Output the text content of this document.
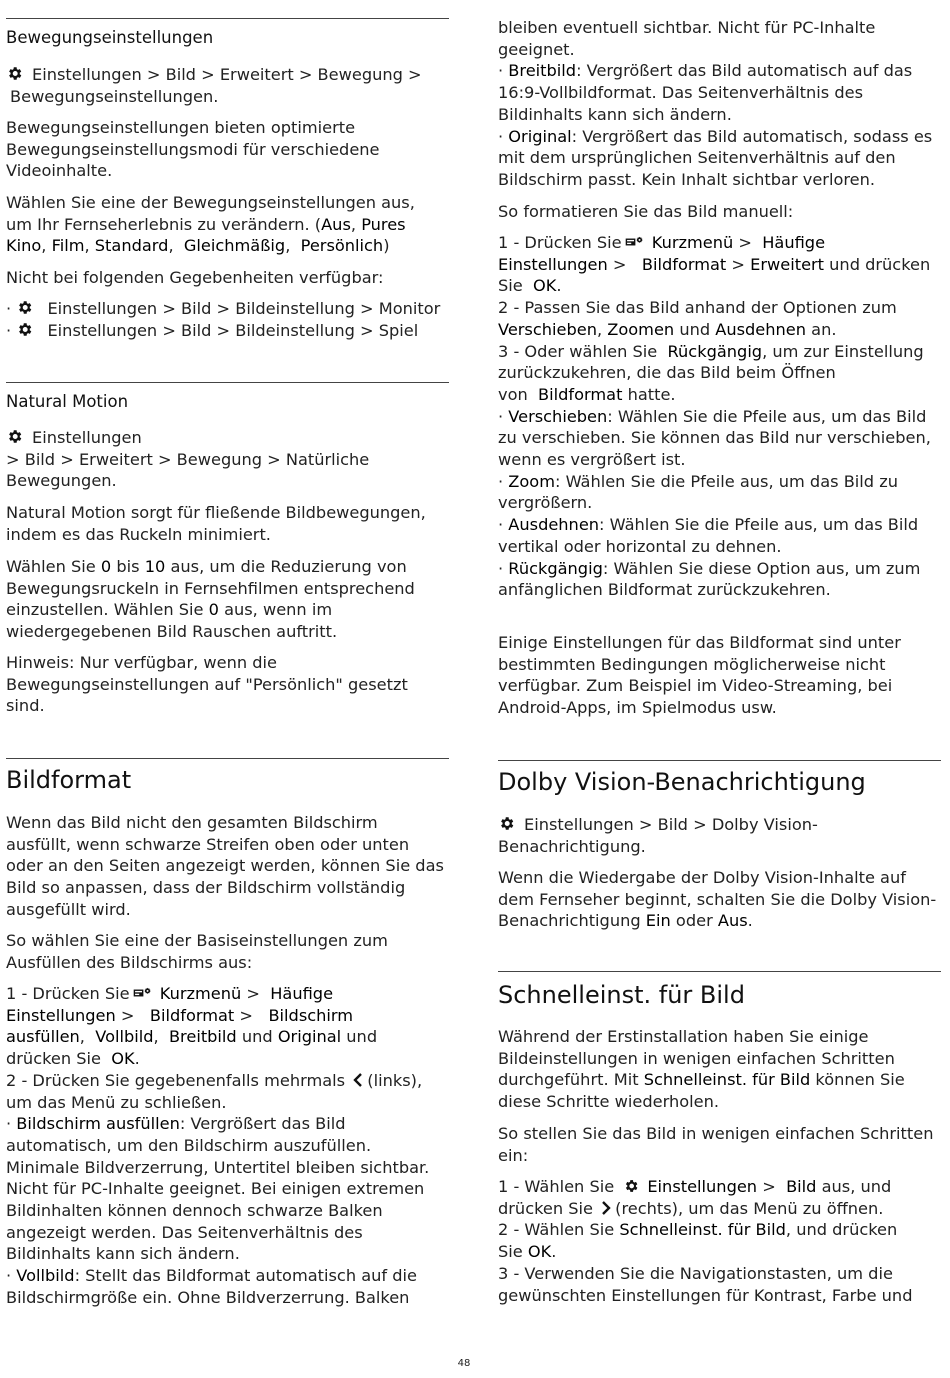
Bewegungseinstellungen
Einstellungen > Bild > Erweitert > Bewegung >
Bewegungseinstellungen.
Bewegungseinstellungen bieten optimierte
Bewegungseinstellungsmodi für verschiedene
Videoinhalte.
Wählen Sie eine der Bewegungseinstellungen aus,
um Ihr Fernseherlebnis zu verändern. (Aus, Pures
Kino, Film, Standard,  Gleichmäßig,  Persönlich)
Nicht bei folgenden Gegebenheiten verfügbar:
·  Einstellungen > Bild > Bildeinstellung > Monitor
·  Einstellungen > Bild > Bildeinstellung > Spiel
Natural Motion
Einstellungen
> Bild > Erweitert > Bewegung > Natürliche
Bewegungen.
Natural Motion sorgt für fließende Bildbewegungen,
indem es das Ruckeln minimiert.
Wählen Sie 0 bis 10 aus, um die Reduzierung von
Bewegungsruckeln in Fernsehfilmen entsprechend
einzustellen. Wählen Sie 0 aus, wenn im
wiedergegebenen Bild Rauschen auftritt.
Hinweis: Nur verfügbar, wenn die
Bewegungseinstellungen auf "Persönlich" gesetzt
sind.
Bildformat
Wenn das Bild nicht den gesamten Bildschirm
ausfüllt, wenn schwarze Streifen oben oder unten
oder an den Seiten angezeigt werden, können Sie das
Bild so anpassen, dass der Bildschirm vollständig
ausgefüllt wird.
So wählen Sie eine der Basiseinstellungen zum
Ausfüllen des Bildschirms aus:
1 - Drücken Sie Kurzmenü >  Häufige
Einstellungen >   Bildformat >   Bildschirm
ausfüllen, Vollbild,  Breitbild und Original und
drücken Sie OK.
2 - Drücken Sie gegebenenfalls mehrmals (links),
um das Menü zu schließen.
· Bildschirm ausfüllen: Vergrößert das Bild
automatisch, um den Bildschirm auszufüllen.
Minimale Bildverzerrung, Untertitel bleiben sichtbar.
Nicht für PC-Inhalte geeignet. Bei einigen extremen
Bildinhalten können dennoch schwarze Balken
angezeigt werden. Das Seitenverhältnis des
Bildinhalts kann sich ändern.
· Vollbild: Stellt das Bildformat automatisch auf die
Bildschirmgröße ein. Ohne Bildverzerrung. Balken
bleiben eventuell sichtbar. Nicht für PC-Inhalte
geeignet.
· Breitbild: Vergrößert das Bild automatisch auf das
16:9-Vollbildformat. Das Seitenverhältnis des
Bildinhalts kann sich ändern.
· Original: Vergrößert das Bild automatisch, sodass es
mit dem ursprünglichen Seitenverhältnis auf den
Bildschirm passt. Kein Inhalt sichtbar verloren.
So formatieren Sie das Bild manuell:
1 - Drücken Sie Kurzmenü >  Häufige
Einstellungen >   Bildformat > Erweitert und drücken
Sie  OK.
2 - Passen Sie das Bild anhand der Optionen zum
Verschieben, Zoomen und Ausdehnen an.
3 - Oder wählen Sie  Rückgängig, um zur Einstellung
zurückzukehren, die das Bild beim Öffnen
von  Bildformat hatte.
· Verschieben: Wählen Sie die Pfeile aus, um das Bild
zu verschieben. Sie können das Bild nur verschieben,
wenn es vergrößert ist.
· Zoom: Wählen Sie die Pfeile aus, um das Bild zu
vergrößern.
· Ausdehnen: Wählen Sie die Pfeile aus, um das Bild
vertikal oder horizontal zu dehnen.
· Rückgängig: Wählen Sie diese Option aus, um zum
anfänglichen Bildformat zurückzukehren.
Einige Einstellungen für das Bildformat sind unter
bestimmten Bedingungen möglicherweise nicht
verfügbar. Zum Beispiel im Video-Streaming, bei
Android-Apps, im Spielmodus usw.
Dolby Vision-Benachrichtigung
Einstellungen > Bild > Dolby Vision-
Benachrichtigung.
Wenn die Wiedergabe der Dolby Vision-Inhalte auf
dem Fernseher beginnt, schalten Sie die Dolby Vision-
Benachrichtigung Ein oder Aus.
Schnelleinst. für Bild
Während der Erstinstallation haben Sie einige
Bildeinstellungen in wenigen einfachen Schritten
durchgeführt. Mit Schnelleinst. für Bild können Sie
diese Schritte wiederholen.
So stellen Sie das Bild in wenigen einfachen Schritten
ein:
1 - Wählen Sie Einstellungen >  Bild aus, und
drücken Sie (rechts), um das Menü zu öffnen.
2 - Wählen Sie Schnelleinst. für Bild, und drücken
Sie OK.
3 - Verwenden Sie die Navigationstasten, um die
gewünschten Einstellungen für Kontrast, Farbe und
48
